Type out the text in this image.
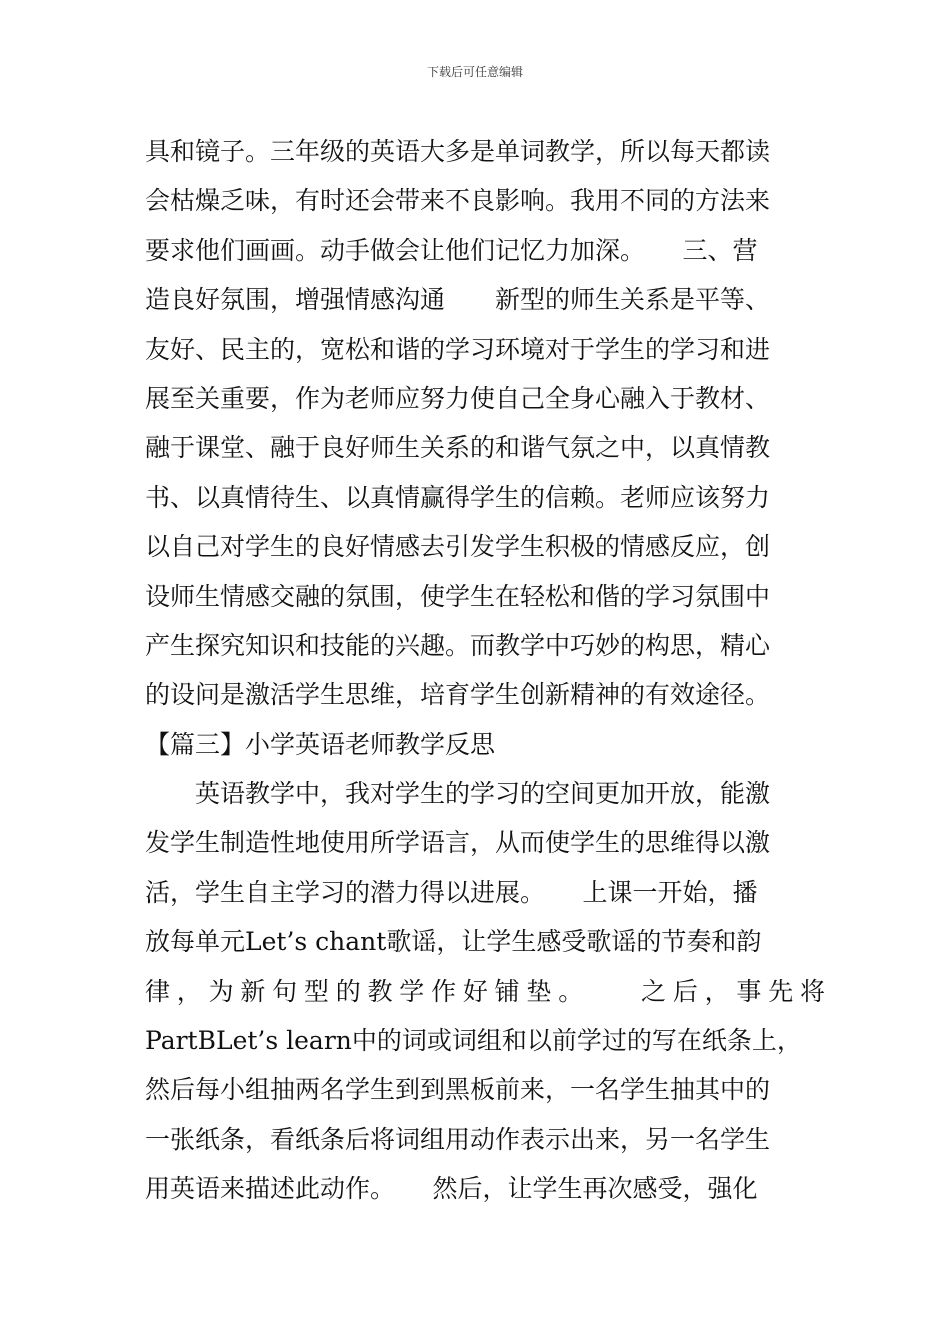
下载后可任意编辑
具和镜子。三年级的英语大多是单词教学，所以每天都读
会枯燥乏味，有时还会带来不良影响。我用不同的方法来
要求他们画画。动手做会让他们记忆力加深。　　三、营
造良好氛围，增强情感沟通　　新型的师生关系是平等、
友好、民主的，宽松和谐的学习环境对于学生的学习和进
展至关重要，作为老师应努力使自己全身心融入于教材、
融于课堂、融于良好师生关系的和谐气氛之中，以真情教
书、以真情待生、以真情赢得学生的信赖。老师应该努力
以自己对学生的良好情感去引发学生积极的情感反应，创
设师生情感交融的氛围，使学生在轻松和偕的学习氛围中
产生探究知识和技能的兴趣。而教学中巧妙的构思，精心
的设问是激活学生思维，培育学生创新精神的有效途径。
【篇三】小学英语老师教学反思
　　英语教学中，我对学生的学习的空间更加开放，能激
发学生制造性地使用所学语言，从而使学生的思维得以激
活，学生自主学习的潜力得以进展。　　上课一开始，播
放每单元Let’s chant歌谣，让学生感受歌谣的节奏和韵
律，为新句型的教学作好铺垫。　　之后，事先将
PartBLet’s learn中的词或词组和以前学过的写在纸条上，
然后每小组抽两名学生到到黑板前来，一名学生抽其中的
一张纸条，看纸条后将词组用动作表示出来，另一名学生
用英语来描述此动作。　　然后，让学生再次感受，强化
